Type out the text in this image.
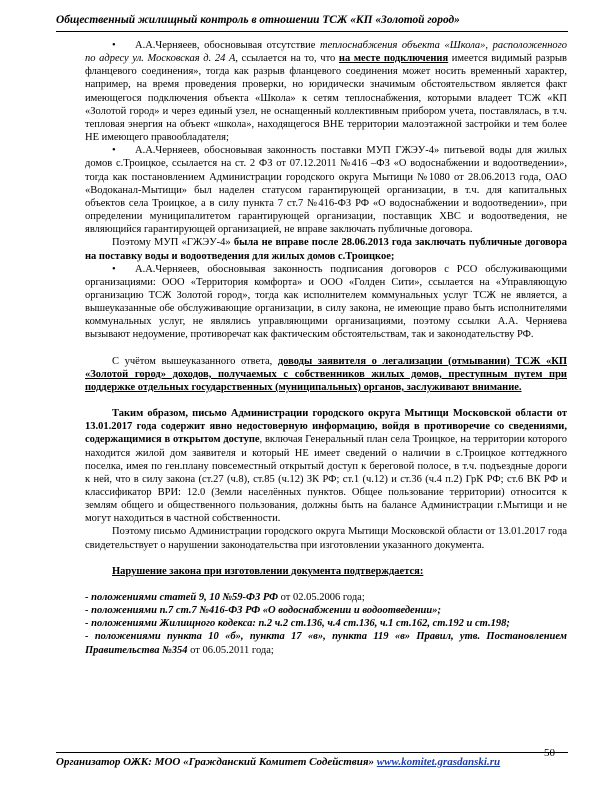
Общественный жилищный контроль в отношении ТСЖ «КП «Золотой город»

• А.А.Черняеев, обосновывая отсутствие теплоснабжения объекта «Школа», расположенного по адресу ул. Московская д. 24 А, ссылается на то, что на месте подключения имеется видимый разрыв фланцевого соединения», тогда как разрыв фланцевого соединения может носить временный характер, например, на время проведения проверки, но юридически значимым обстоятельством является факт имеющегося подключения объекта «Школа» к сетям теплоснабжения, которыми владеет ТСЖ «КП «Золотой город» и через единый узел, не оснащенный коллективным прибором учета, поставлялась, в т.ч. тепловая энергия на объект «школа», находящегося ВНЕ территории малоэтажной застройки и тем более НЕ имеющего правообладателя;

• А.А.Черняеев, обосновывая законность поставки МУП ГЖЭУ-4» питьевой воды для жилых домов с.Троицкое, ссылается на ст. 2 ФЗ от 07.12.2011 №416 –ФЗ «О водоснабжении и водоотведении», тогда как постановлением Администрации городского округа Мытищи №1080 от 28.06.2013 года, ОАО «Водоканал-Мытищи» был наделен статусом гарантирующей организации, в т.ч. для капитальных объектов села Троицкое, а в силу пункта 7 ст.7 №416-ФЗ РФ «О водоснабжении и водоотведении», при определении муниципалитетом гарантирующей организации, поставщик ХВС и водоотведения, не являющийся гарантирующей организацией, не вправе заключать публичные договора.

Поэтому МУП «ГЖЭУ-4» была не вправе после 28.06.2013 года заключать публичные договора на поставку воды и водоотведения для жилых домов с.Троицкое;

• А.А.Черняеев, обосновывая законность подписания договоров с РСО обслуживающими организациями: ООО «Территория комфорта» и ООО «Голден Сити», ссылается на «Управляющую организацию ТСЖ Золотой город», тогда как исполнителем коммунальных услуг ТСЖ не является, а вышеуказанные обе обслуживающие организации, в силу закона, не имеющие право быть исполнителями коммунальных услуг, не являлись управляющими организациями, поэтому ссылки А.А. Черняева вызывают недоумение, противоречат как фактическим обстоятельствам, так и законодательству РФ.

С учётом вышеуказанного ответа, доводы заявителя о легализации (отмывании) ТСЖ «КП «Золотой город» доходов, получаемых с собственников жилых домов, преступным путем при поддержке отдельных государственных (муниципальных) органов, заслуживают внимание.

Таким образом, письмо Администрации городского округа Мытищи Московской области от 13.01.2017 года содержит явно недостоверную информацию, войдя в противоречие со сведениями, содержащимися в открытом доступе, включая Генеральный план села Троицкое, на территории которого находится жилой дом заявителя и который НЕ имеет сведений о наличии в с.Троицкое коттеджного поселка, имея по ген.плану повсеместный открытый доступ к береговой полосе, в т.ч. подъездные дороги к ней, что в силу закона (ст.27 (ч.8), ст.85 (ч.12) ЗК РФ; ст.1 (ч.12) и ст.36 (ч.4 п.2) ГрК РФ; ст.6 ВК РФ и классификатор ВРИ: 12.0 (Земли населённых пунктов. Общее пользование территории) относится к землям общего и общественного пользования, должны быть на балансе Администрации г.Мытищи и не могут находиться в частной собственности.

Поэтому письмо Администрации городского округа Мытищи Московской области от 13.01.2017 года свидетельствует о нарушении законодательства при изготовлении указанного документа.

Нарушение закона при изготовлении документа подтверждается:

- положениями статей 9, 10 №59-ФЗ РФ от 02.05.2006 года;

- положениями п.7 ст.7 №416-ФЗ РФ «О водоснабжении и водоотведении»;

- положениями Жилищного кодекса: п.2 ч.2 ст.136, ч.4 ст.136, ч.1 ст.162, ст.192 и ст.198;

- положениями пункта 10 «б», пункта 17 «в», пункта 119 «в» Правил, утв. Постановлением Правительства №354 от 06.05.2011 года;

50
Организатор ОЖК: МОО «Гражданский Комитет Содействия» www.komitet.grasdanski.ru
